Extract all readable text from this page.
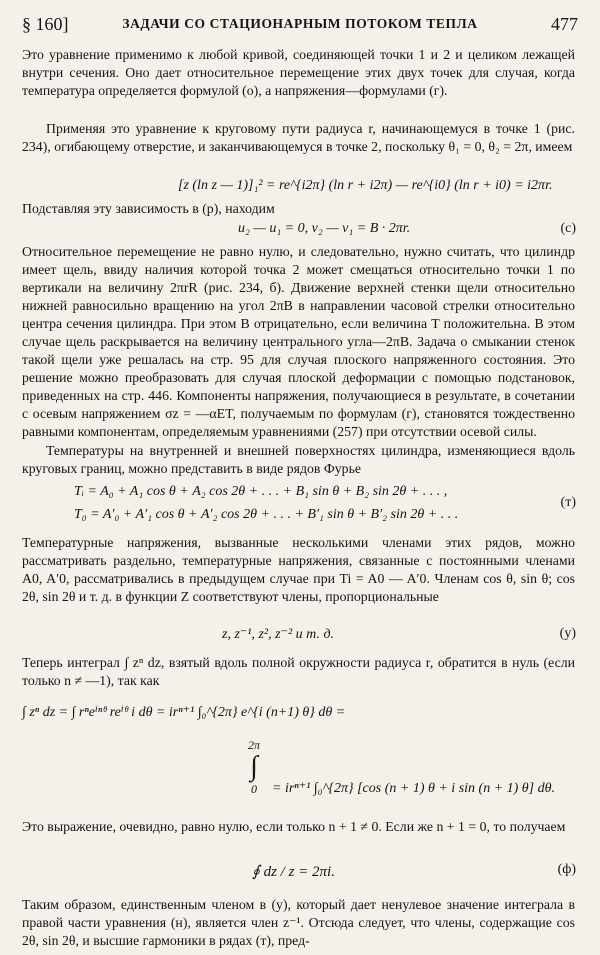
§ 160]	ЗАДАЧИ СО СТАЦИОНАРНЫМ ПОТОКОМ ТЕПЛА	477

Это уравнение применимо к любой кривой, соединяющей точки 1 и 2 и целиком лежащей внутри сечения. Оно дает относительное перемещение этих двух точек для случая, когда температура определяется формулой (о), а напряжения—формулами (г).

Применяя это уравнение к круговому пути радиуса r, начинающемуся в точке 1 (рис. 234), огибающему отверстие, и заканчивающемуся в точке 2, поскольку θ₁ = 0, θ₂ = 2π, имеем

[z (ln z — 1)]₁² = re^{i2π} (ln r + i2π) — re^{i0} (ln r + i0) = i2πr.

Подставляя эту зависимость в (р), находим

u₂ — u₁ = 0, v₂ — v₁ = B · 2πr.	(с)

Относительное перемещение не равно нулю, и следовательно, нужно считать, что цилиндр имеет щель, ввиду наличия которой точка 2 может смещаться относительно точки 1 по вертикали на величину 2πrR (рис. 234, б). Движение верхней стенки щели относительно нижней равносильно вращению на угол 2πB в направлении часовой стрелки относительно центра сечения цилиндра. При этом B отрицательно, если величина T положительна. В этом случае щель раскрывается на величину центрального угла—2πB. Задача о смыкании стенок такой щели уже решалась на стр. 95 для случая плоского напряженного состояния. Это решение можно преобразовать для случая плоской деформации с помощью подстановок, приведенных на стр. 446. Компоненты напряжения, получающиеся в результате, в сочетании с осевым напряжением σz = —αET, получаемым по формулам (г), становятся тождественно равными компонентам, определяемым уравнениями (257) при отсутствии осевой силы.

Температуры на внутренней и внешней поверхностях цилиндра, изменяющиеся вдоль круговых границ, можно представить в виде рядов Фурье

Tᵢ = A₀ + A₁ cos θ + A₂ cos 2θ + . . . + B₁ sin θ + B₂ sin 2θ + . . . ,
T₀ = A′₀ + A′₁ cos θ + A′₂ cos 2θ + . . . + B′₁ sin θ + B′₂ sin 2θ + . . .
(т)

Температурные напряжения, вызванные несколькими членами этих рядов, можно рассматривать раздельно, температурные напряжения, связанные с постоянными членами A0, A′0, рассматривались в предыдущем случае при Ti = A0 — A′0. Членам cos θ, sin θ; cos 2θ, sin 2θ и т. д. в функции Z соответствуют члены, пропорциональные

z, z⁻¹, z², z⁻² и т. д.	(у)

Теперь интеграл ∫ zⁿ dz, взятый вдоль полной окружности радиуса r, обратится в нуль (если только n ≠ —1), так как

∫ zⁿ dz = ∫ rⁿeⁱⁿᶿ reⁱᶿ i dθ = irⁿ⁺¹ ∫₀^{2π} e^{i (n+1) θ} dθ =
2π
∫
0	= irⁿ⁺¹ ∫₀^{2π} [cos (n + 1) θ + i sin (n + 1) θ] dθ.

Это выражение, очевидно, равно нулю, если только n + 1 ≠ 0. Если же n + 1 = 0, то получаем

∮ dz / z = 2πi.	(ф)

Таким образом, единственным членом в (у), который дает ненулевое значение интеграла в правой части уравнения (н), является член z⁻¹. Отсюда следует, что члены, содержащие cos 2θ, sin 2θ, и высшие гармоники в рядах (т), пред-
